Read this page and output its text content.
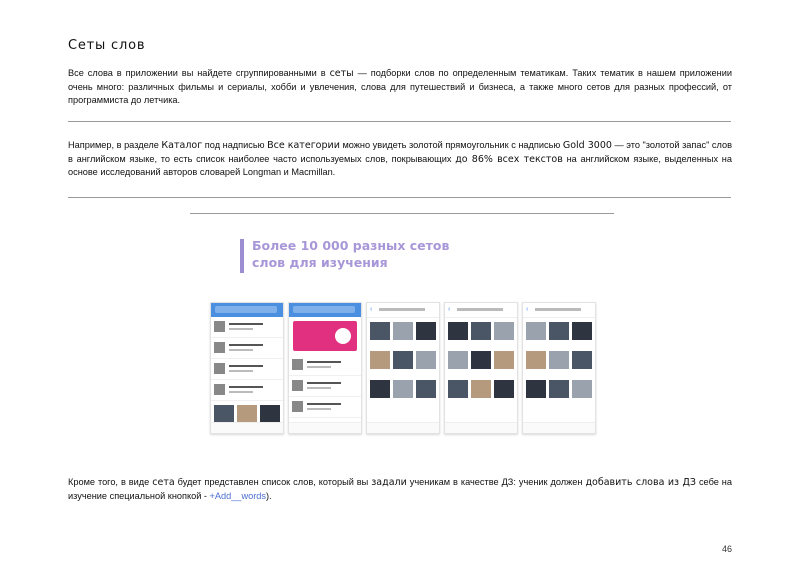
Сеты слов
Все слова в приложении вы найдете сгруппированными в сеты — подборки слов по определенным тематикам. Таких тематик в нашем приложении очень много: различных фильмы и сериалы, хобби и увлечения, слова для путешествий и бизнеса, а также много сетов для разных профессий, от программиста до летчика.
Например, в разделе Каталог под надписью Все категории можно увидеть золотой прямоугольник с надписью Gold 3000 — это "золотой запас" слов в английском языке, то есть список наиболее часто используемых слов, покрывающих до 86% всех текстов на английском языке, выделенных на основе исследований авторов словарей Longman и Macmillan.
Более 10 000 разных сетов
слов для изучения
‹	‹	‹
Кроме того, в виде сета будет представлен список слов, который вы задали ученикам в качестве ДЗ: ученик должен добавить слова из ДЗ себе на изучение специальной кнопкой - +Add__words).
46
